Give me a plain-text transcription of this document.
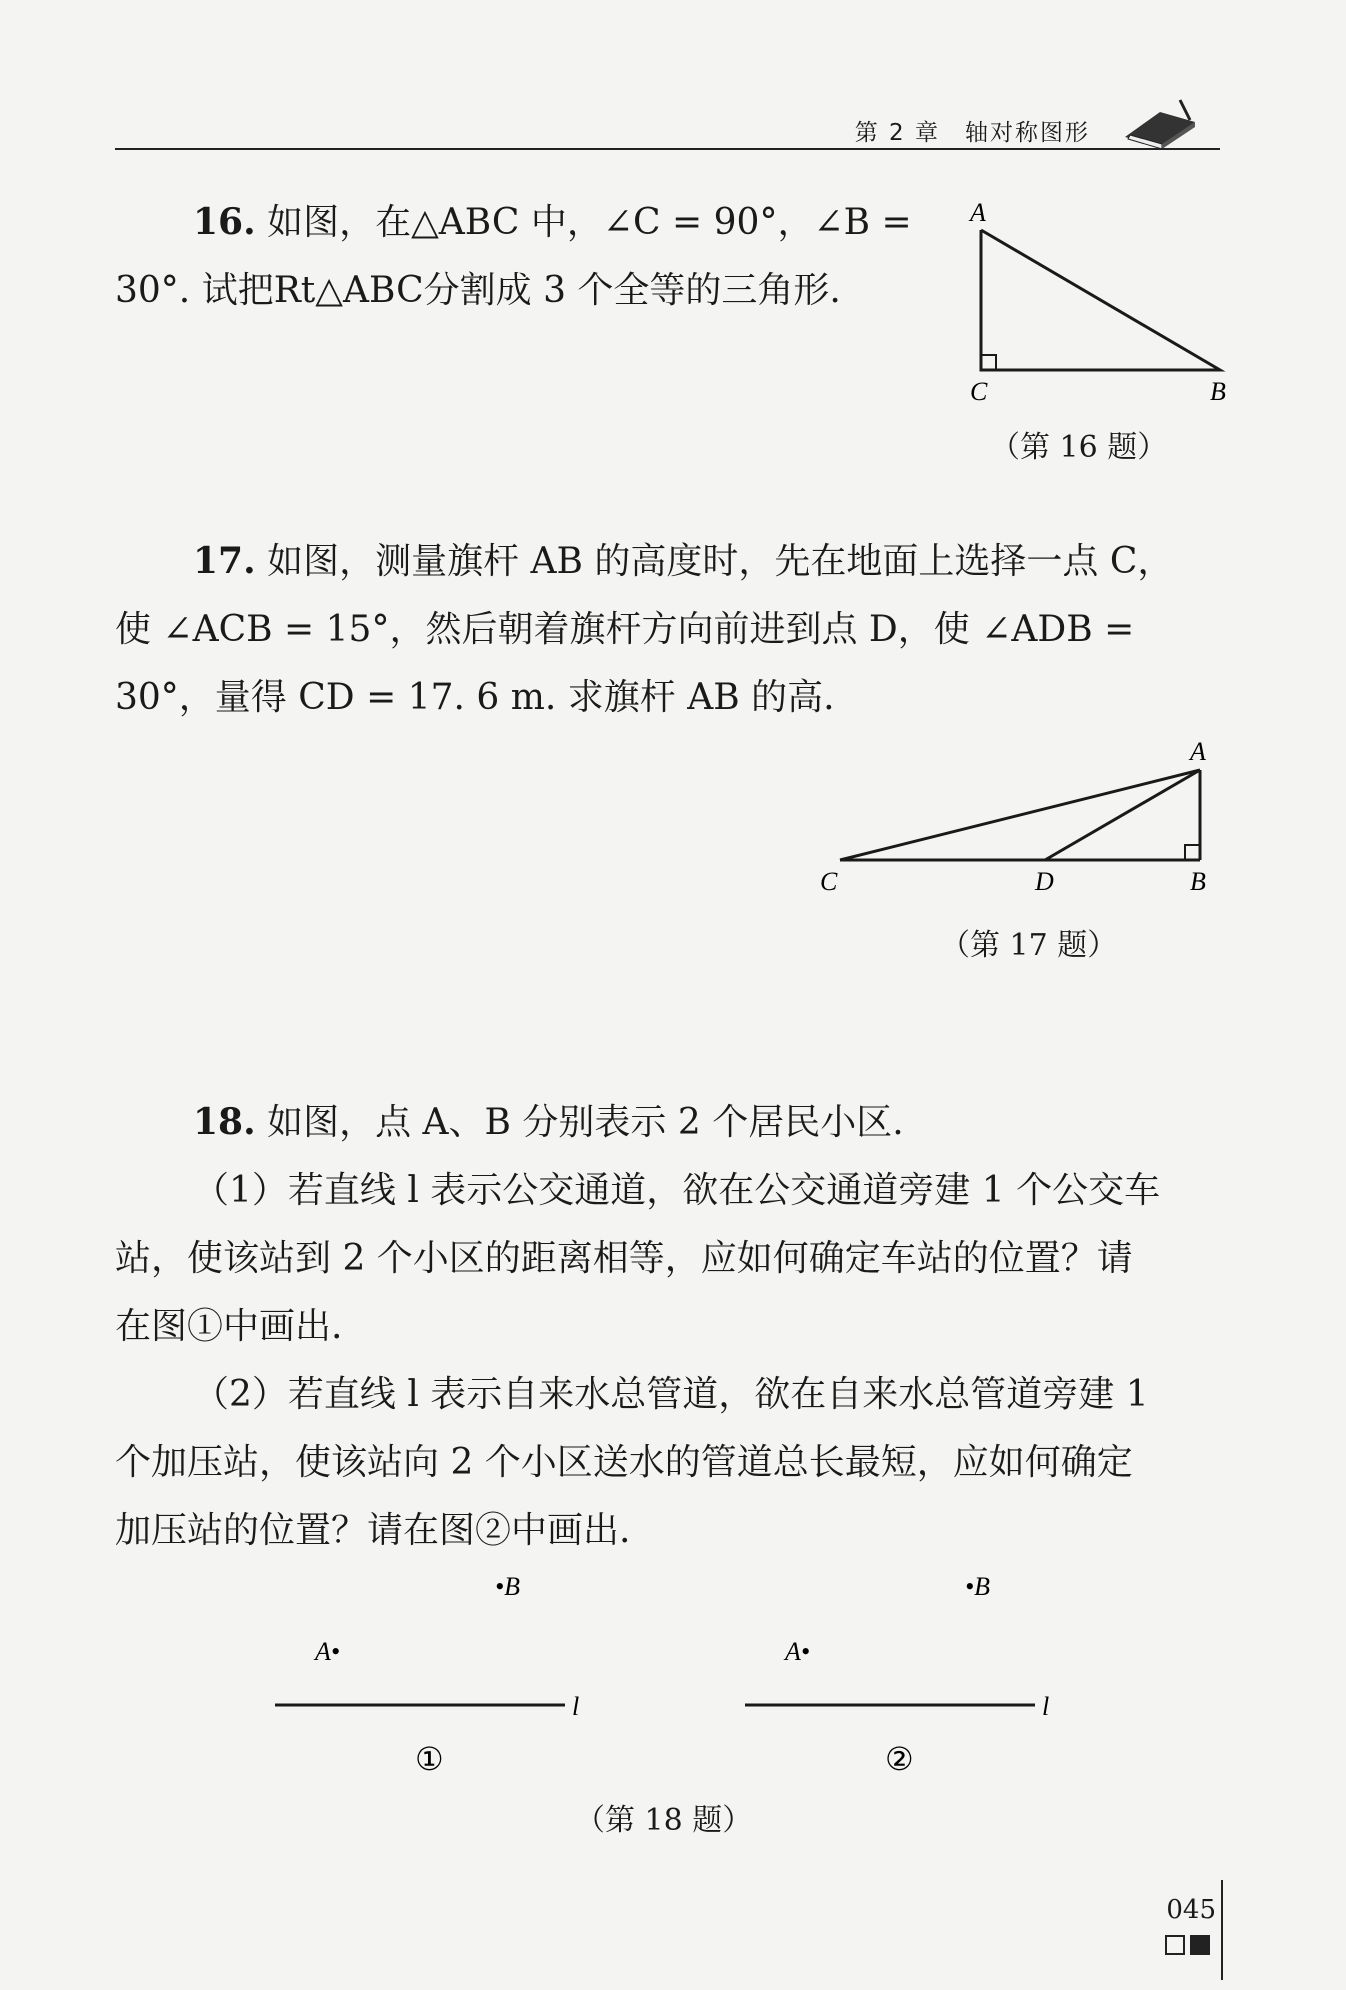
第 2 章　轴对称图形
16. 如图，在△ABC 中，∠C = 90°，∠B =
30°. 试把Rt△ABC分割成 3 个全等的三角形.
A
C	B
（第 16 题）
17. 如图，测量旗杆 AB 的高度时，先在地面上选择一点 C，
使 ∠ACB = 15°，然后朝着旗杆方向前进到点 D，使 ∠ADB =
30°，量得 CD = 17. 6 m. 求旗杆 AB 的高.
A
C	D	B
（第 17 题）
18. 如图，点 A、B 分别表示 2 个居民小区.
（1）若直线 l 表示公交通道，欲在公交通道旁建 1 个公交车
站，使该站到 2 个小区的距离相等，应如何确定车站的位置？请
在图①中画出.
（2）若直线 l 表示自来水总管道，欲在自来水总管道旁建 1
个加压站，使该站向 2 个小区送水的管道总长最短，应如何确定
加压站的位置？请在图②中画出.
•B
A•
l
①
•B
A•
l
②
（第 18 题）
045
